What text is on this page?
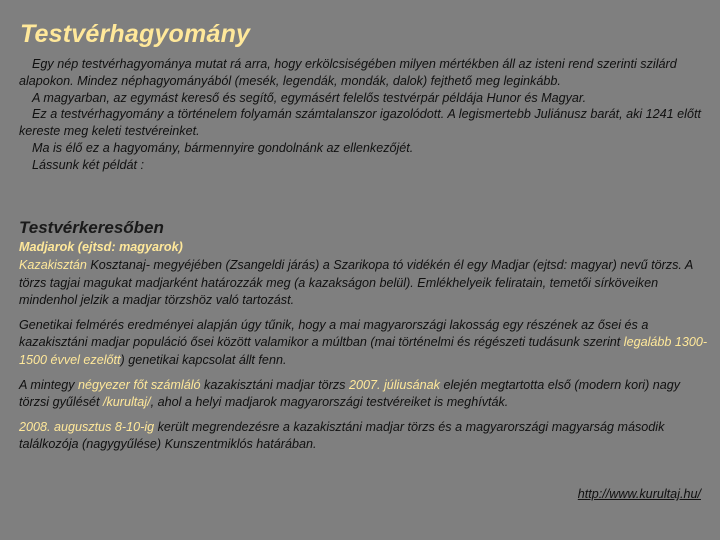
Testvérhagyomány

Egy nép testvérhagyománya mutat rá arra, hogy erkölcsiségében milyen mértékben áll az isteni rend szerinti szilárd alapokon. Mindez néphagyományából (mesék, legendák, mondák, dalok) fejthető meg leginkább.

A magyarban, az egymást kereső és segítő, egymásért felelős testvérpár példája Hunor és Magyar.

Ez a testvérhagyomány a történelem folyamán számtalanszor igazolódott. A legismertebb Juliánusz barát, aki 1241 előtt kereste meg keleti testvéreinket.

Ma is élő ez a hagyomány, bármennyire gondolnánk az ellenkezőjét.

Lássunk két példát :

Testvérkeresőben
Madjarok (ejtsd: magyarok)

Kazakisztán Kosztanaj- megyéjében (Zsangeldi járás) a Szarikopa tó vidékén él egy Madjar (ejtsd: magyar) nevű törzs. A törzs tagjai magukat madjarként határozzák meg (a kazakságon belül). Emlékhelyeik feliratain, temetői sírköveiken mindenhol jelzik a madjar törzshöz való tartozást.

Genetikai felmérés eredményei alapján úgy tűnik, hogy a mai magyarországi lakosság egy részének az ősei és a kazakisztáni madjar populáció ősei között valamikor a múltban (mai történelmi és régészeti tudásunk szerint legalább 1300-1500 évvel ezelőtt) genetikai kapcsolat állt fenn.

A mintegy négyezer főt számláló kazakisztáni madjar törzs 2007. júliusának elején megtartotta első (modern kori) nagy törzsi gyűlését /kurultaj/, ahol a helyi madjarok magyarországi testvéreiket is meghívták.

2008. augusztus 8-10-ig került megrendezésre a kazakisztáni madjar törzs és a magyarországi magyarság második találkozója (nagygyűlése) Kunszentmiklós határában.

http://www.kurultaj.hu/
